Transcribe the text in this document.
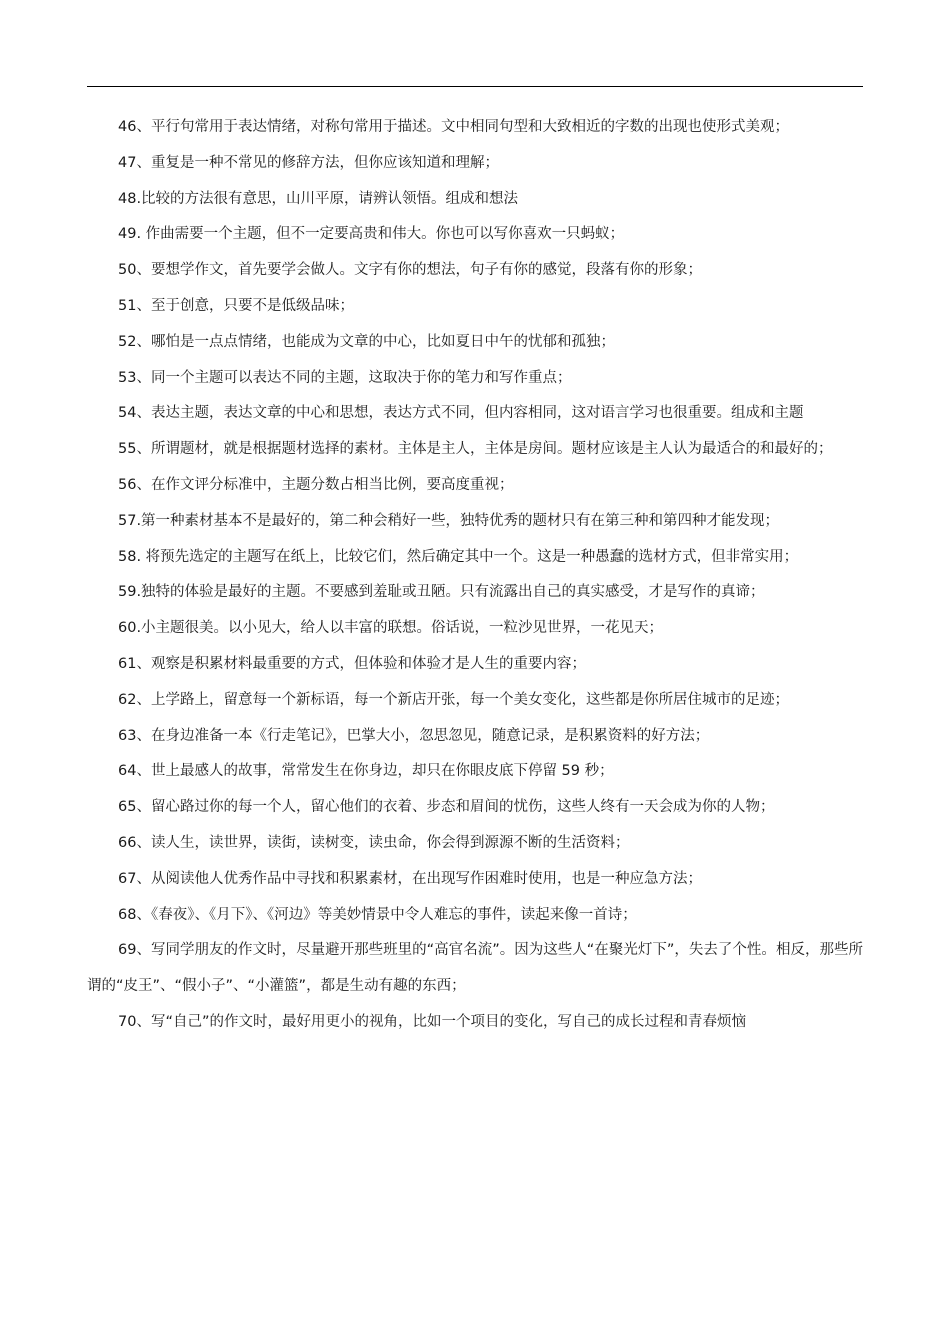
46、平行句常用于表达情绪，对称句常用于描述。文中相同句型和大致相近的字数的出现也使形式美观；

47、重复是一种不常见的修辞方法，但你应该知道和理解；

48.比较的方法很有意思，山川平原，请辨认领悟。组成和想法

49. 作曲需要一个主题，但不一定要高贵和伟大。你也可以写你喜欢一只蚂蚁；

50、要想学作文，首先要学会做人。文字有你的想法，句子有你的感觉，段落有你的形象；

51、至于创意，只要不是低级品味；

52、哪怕是一点点情绪，也能成为文章的中心，比如夏日中午的忧郁和孤独；

53、同一个主题可以表达不同的主题，这取决于你的笔力和写作重点；

54、表达主题，表达文章的中心和思想，表达方式不同，但内容相同，这对语言学习也很重要。组成和主题

55、所谓题材，就是根据题材选择的素材。主体是主人，主体是房间。题材应该是主人认为最适合的和最好的；

56、在作文评分标准中，主题分数占相当比例，要高度重视；

57.第一种素材基本不是最好的，第二种会稍好一些，独特优秀的题材只有在第三种和第四种才能发现；

58. 将预先选定的主题写在纸上，比较它们，然后确定其中一个。这是一种愚蠢的选材方式，但非常实用；

59.独特的体验是最好的主题。不要感到羞耻或丑陋。只有流露出自己的真实感受，才是写作的真谛；

60.小主题很美。以小见大，给人以丰富的联想。俗话说，一粒沙见世界，一花见天；

61、观察是积累材料最重要的方式，但体验和体验才是人生的重要内容；

62、上学路上，留意每一个新标语，每一个新店开张，每一个美女变化，这些都是你所居住城市的足迹；

63、在身边准备一本《行走笔记》，巴掌大小，忽思忽见，随意记录，是积累资料的好方法；

64、世上最感人的故事，常常发生在你身边，却只在你眼皮底下停留 59 秒；

65、留心路过你的每一个人，留心他们的衣着、步态和眉间的忧伤，这些人终有一天会成为你的人物；

66、读人生，读世界，读街，读树变，读虫命，你会得到源源不断的生活资料；

67、从阅读他人优秀作品中寻找和积累素材，在出现写作困难时使用，也是一种应急方法；

68、《春夜》、《月下》、《河边》等美妙情景中令人难忘的事件，读起来像一首诗；

69、写同学朋友的作文时，尽量避开那些班里的“高官名流”。因为这些人“在聚光灯下”，失去了个性。相反，那些所谓的“皮王”、“假小子”、“小灌篮”，都是生动有趣的东西；

70、写“自己”的作文时，最好用更小的视角，比如一个项目的变化，写自己的成长过程和青春烦恼
